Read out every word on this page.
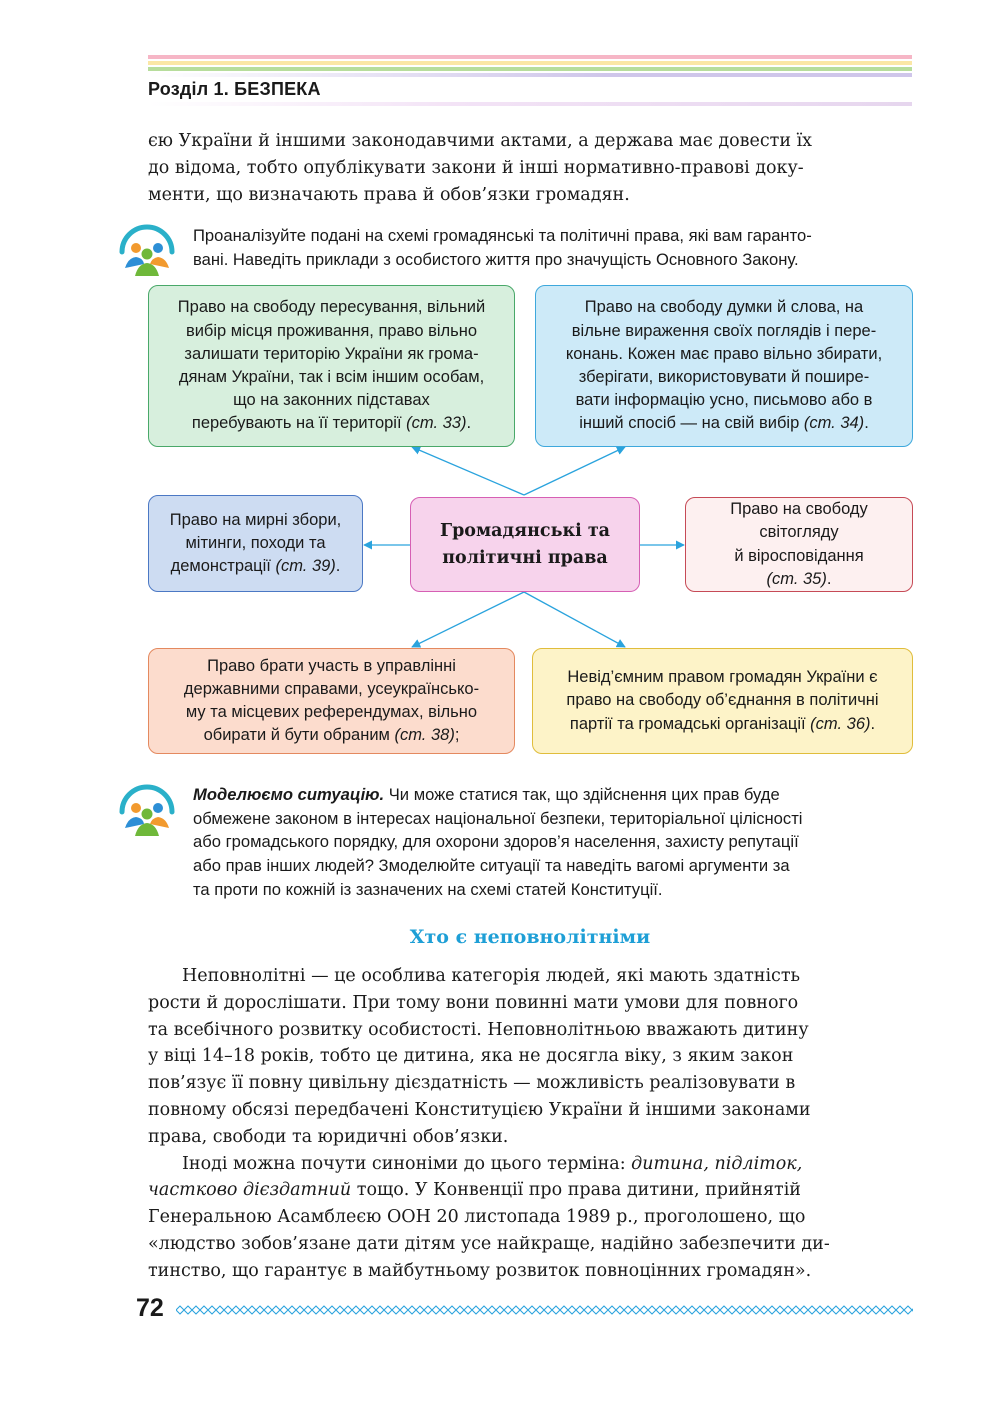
Розділ 1. БЕЗПЕКА

єю України й іншими законодавчими актами, а держава має довести їх

до відома, тобто опублікувати закони й інші нормативно-правові доку-

менти, що визначають права й обов’язки громадян.

Проаналізуйте подані на схемі громадянські та політичні права, які вам гаранто-

вані. Наведіть приклади з особистого життя про значущість Основного Закону.

Право на свободу пересування, вільний
вибір місця проживання, право вільно
залишати територію України як грома-
дянам України, так і всім іншим особам,
що на законних підставах
перебувають на її території (ст. 33).
Право на свободу думки й слова, на
вільне вираження своїх поглядів і пере-
конань. Кожен має право вільно збирати,
зберігати, використовувати й пошире-
вати інформацію усно, письмово або в
інший спосіб — на свій вибір (ст. 34).
Право на мирні збори,
мітинги, походи та
демонстрації (ст. 39).
Громадянські та
політичні права
Право на свободу
світогляду
й віросповідання
(ст. 35).
Право брати участь в управлінні
державними справами, усеукраїнсько-
му та місцевих референдумах, вільно
обирати й бути обраним (ст. 38);
Невід’ємним правом громадян України є
право на свободу об’єднання в політичні
партії та громадські організації (ст. 36).

Моделюємо ситуацію. Чи може статися так, що здійснення цих прав буде

обмежене законом в інтересах національної безпеки, територіальної цілісності

або громадського порядку, для охорони здоров’я населення, захисту репутації

або прав інших людей? Змоделюйте ситуації та наведіть вагомі аргументи за

та проти по кожній із зазначених на схемі статей Конституції.

Хто є неповнолітніми

Неповнолітні — це особлива категорія людей, які мають здатність

рости й дорослішати. При тому вони повинні мати умови для повного

та всебічного розвитку особистості. Неповнолітньою вважають дитину

у віці 14–18 років, тобто це дитина, яка не досягла віку, з яким закон

пов’язує її повну цивільну дієздатність — можливість реалізовувати в

повному обсязі передбачені Конституцією України й іншими законами

права, свободи та юридичні обов’язки.

Іноді можна почути синоніми до цього терміна: дитина, підліток,

частково дієздатний тощо. У Конвенції про права дитини, прийнятій

Генеральною Асамблеєю ООН 20 листопада 1989 р., проголошено, що

«людство зобов’язане дати дітям усе найкраще, надійно забезпечити ди-

тинство, що гарантує в майбутньому розвиток повноцінних громадян».

72
